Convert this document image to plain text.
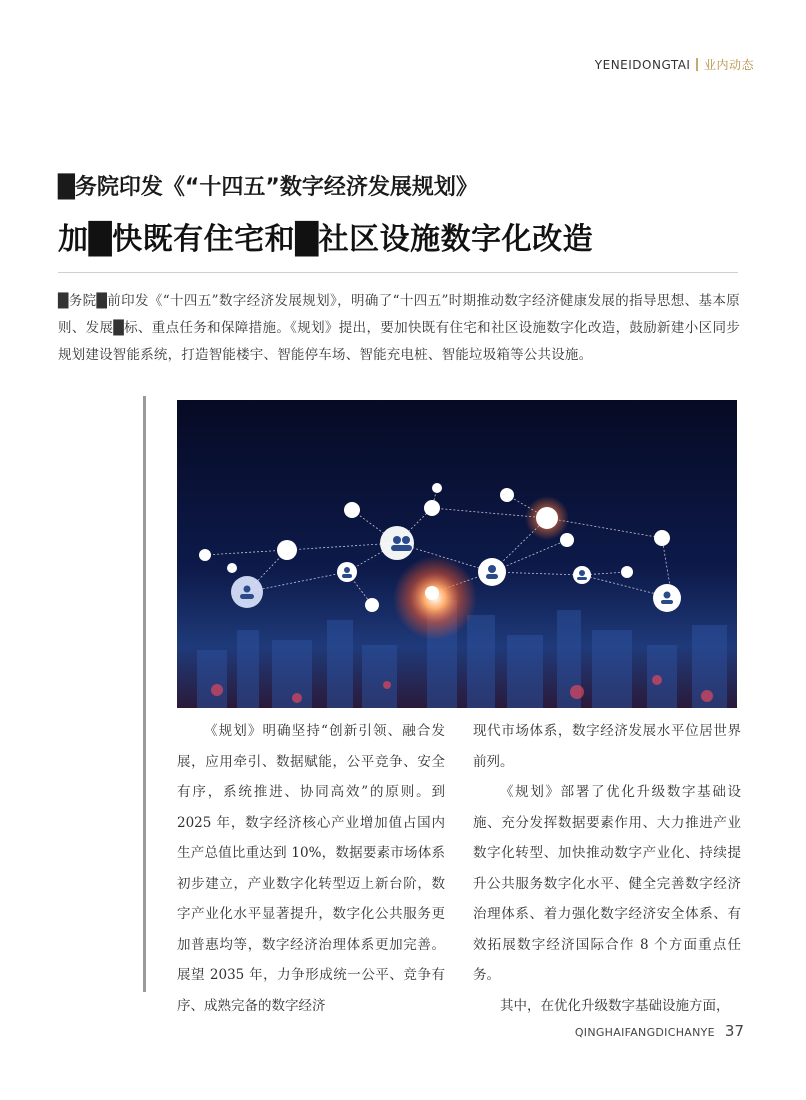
YENEIDONGTAI 业内动态
█务院印发《“十四五”数字经济发展规划》
加█快既有住宅和█社区设施数字化改造
█务院█前印发《“十四五”数字经济发展规划》，明确了“十四五”时期推动数字经济健康发展的指导思想、基本原则、发展█标、重点任务和保障措施。《规划》提出，要加快既有住宅和社区设施数字化改造，鼓励新建小区同步规划建设智能系统，打造智能楼宇、智能停车场、智能充电桩、智能垃圾箱等公共设施。

《规划》明确坚持“创新引领、融合发展，应用牵引、数据赋能，公平竞争、安全有序，系统推进、协同高效”的原则。到 2025 年，数字经济核心产业增加值占国内生产总值比重达到 10%，数据要素市场体系初步建立，产业数字化转型迈上新台阶，数字产业化水平显著提升，数字化公共服务更加普惠均等，数字经济治理体系更加完善。展望 2035 年，力争形成统一公平、竞争有序、成熟完备的数字经济

现代市场体系，数字经济发展水平位居世界前列。

《规划》部署了优化升级数字基础设施、充分发挥数据要素作用、大力推进产业数字化转型、加快推动数字产业化、持续提升公共服务数字化水平、健全完善数字经济治理体系、着力强化数字经济安全体系、有效拓展数字经济国际合作 8 个方面重点任务。

其中，在优化升级数字基础设施方面，

QINGHAIFANGDICHANYE 37
